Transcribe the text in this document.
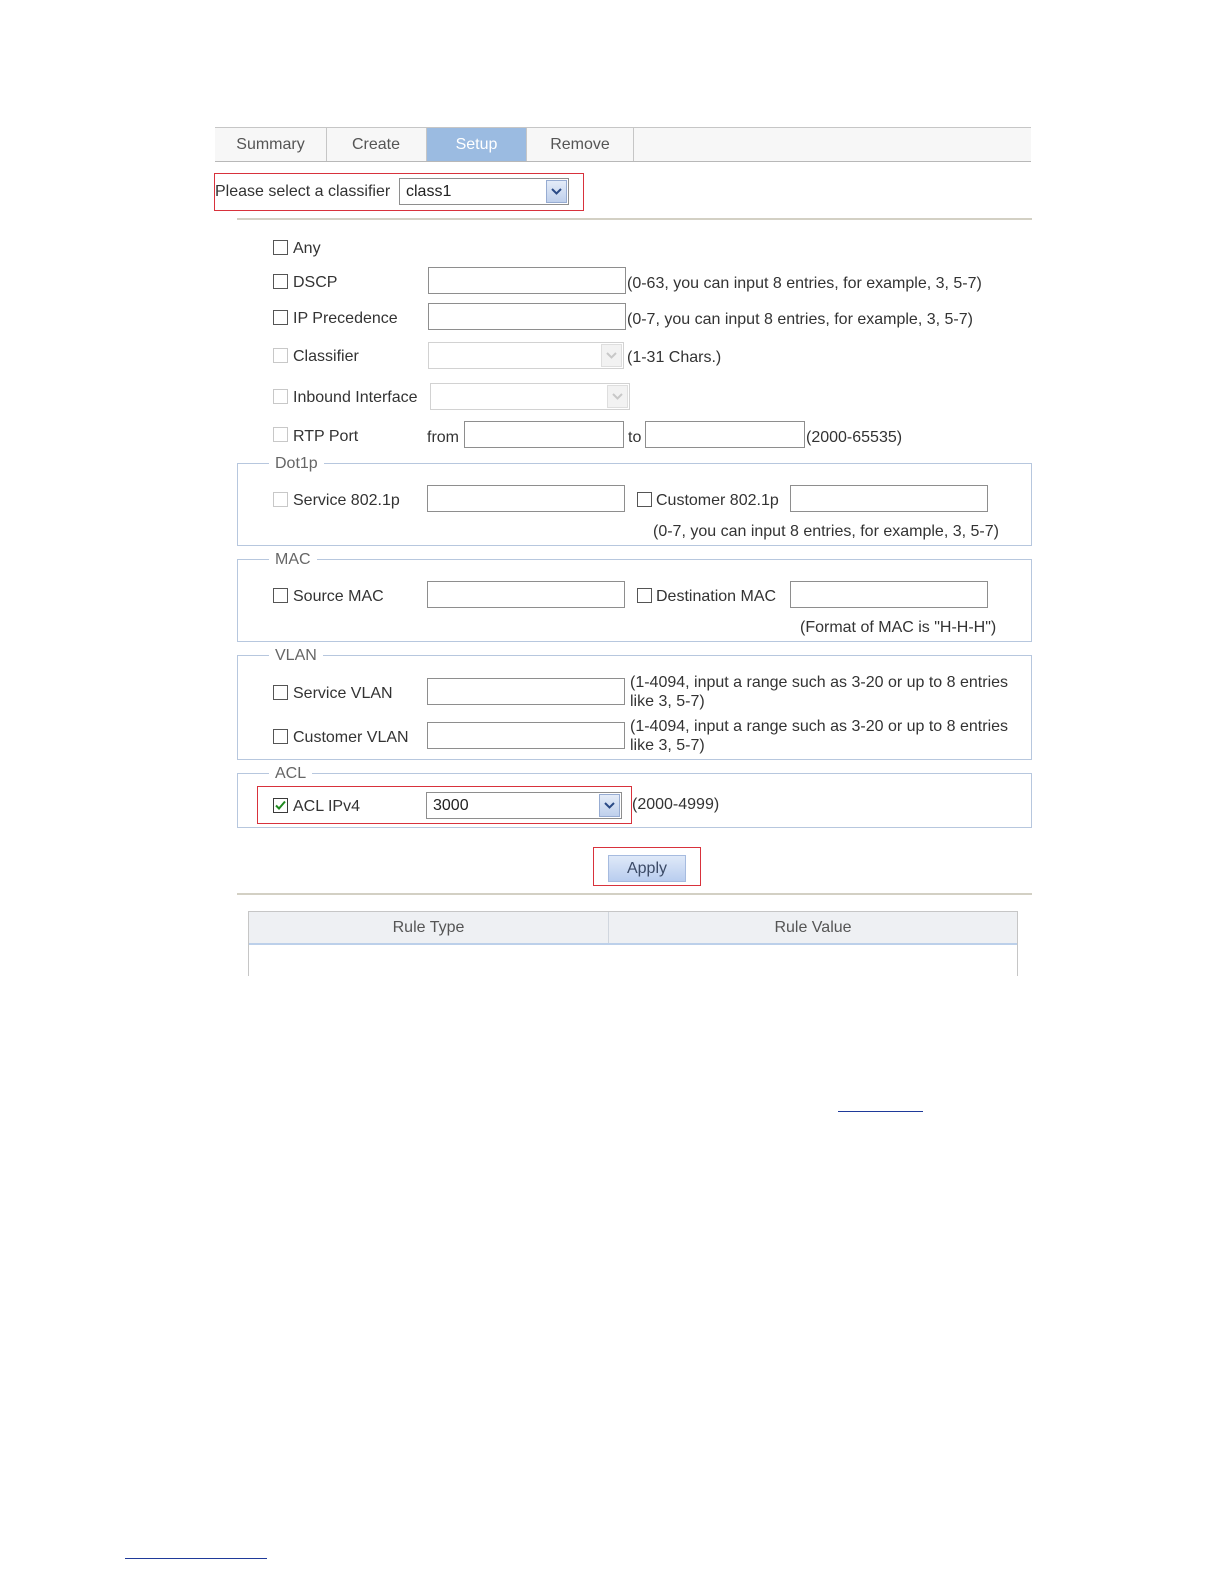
Summary	Create	Setup	Remove
Please select a classifier class1
Any
DSCP	(0-63, you can input 8 entries, for example, 3, 5-7)
IP Precedence	(0-7, you can input 8 entries, for example, 3, 5-7)
Classifier	(1-31 Chars.)
Inbound Interface
RTP Port	from	to	(2000-65535)
Dot1p
Service 802.1p	Customer 802.1p
(0-7, you can input 8 entries, for example, 3, 5-7)
MAC
Source MAC	Destination MAC
(Format of MAC is "H-H-H")
VLAN
Service VLAN
(1-4094, input a range such as 3-20 or up to 8 entries
like 3, 5-7)
Customer VLAN
(1-4094, input a range such as 3-20 or up to 8 entries
like 3, 5-7)
ACL
ACL IPv4	3000	(2000-4999)
Apply
Rule Type	Rule Value
